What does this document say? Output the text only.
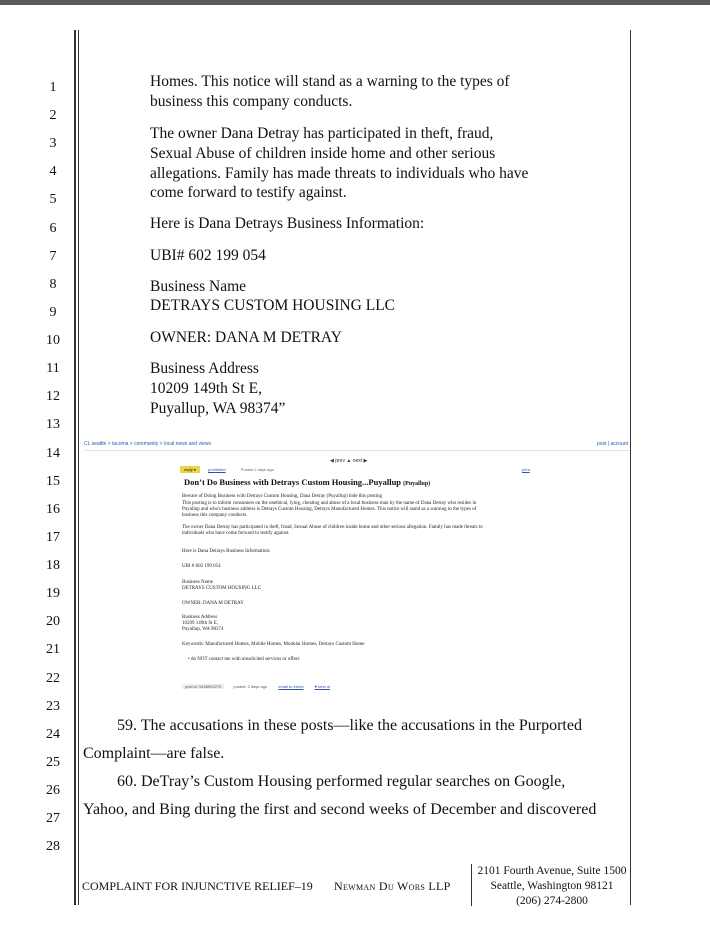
1
2
3
4
5
6
7
8
9
10
11
12
13
14
15
16
17
18
19
20
21
22
23
24
25
26
27
28
Homes. This notice will stand as a warning to the types of
business this company conducts.
The owner Dana Detray has participated in theft, fraud,
Sexual Abuse of children inside home and other serious
allegations. Family has made threats to individuals who have
come forward to testify against.
Here is Dana Detrays Business Information:
UBI# 602 199 054
Business Name
DETRAYS CUSTOM HOUSING LLC
OWNER: DANA M DETRAY
Business Address
10209 149th St E,
Puyallup, WA 98374”
CL seattle > tacoma > community > local news and views	post | account
◀ prev ▲ next ▶
reply ▾	prohibited	Posted 2 days ago	print
Don’t Do Business with Detrays Custom Housing...Puyallup (Puyallup)
Beware of Doing Business with Detrays Custom Housing, Dana Detray (Puyallup) hide this posting
This posting is to inform consumers on the unethical, lying, cheating and abuse of a local business man by the name of Dana Detray who resides in
Puyallup and who's business address is Detrays Custom Housing, Detrays Manufactured Homes. This notice will stand as a warning to the types of
business this company conducts.
The owner Dana Detray has participated in theft, fraud, Sexual Abuse of children inside home and other serious allegation. Family has made threats to
individuals who have come forward to testify against.
Here is Dana Detrays Business Information:
UBI # 602 199 054
Business Name
DETRAYS CUSTOM HOUSING LLC
OWNER: DANA M DETRAY
Business Address
10209 149th St E,
Puyallup, WA 98374
Keywords: Manufactured Homes, Mobile Homes, Modular Homes, Detrays Custom Home
• do NOT contact me with unsolicited services or offers
post id: 9438902270	posted: 2 days ago	email to friend	♥ best of
59. The accusations in these posts—like the accusations in the Purported
Complaint—are false.
60. DeTray’s Custom Housing performed regular searches on Google,
Yahoo, and Bing during the first and second weeks of December and discovered
COMPLAINT FOR INJUNCTIVE RELIEF–19 Newman Du Wors LLP
2101 Fourth Avenue, Suite 1500
Seattle, Washington 98121
(206) 274-2800
